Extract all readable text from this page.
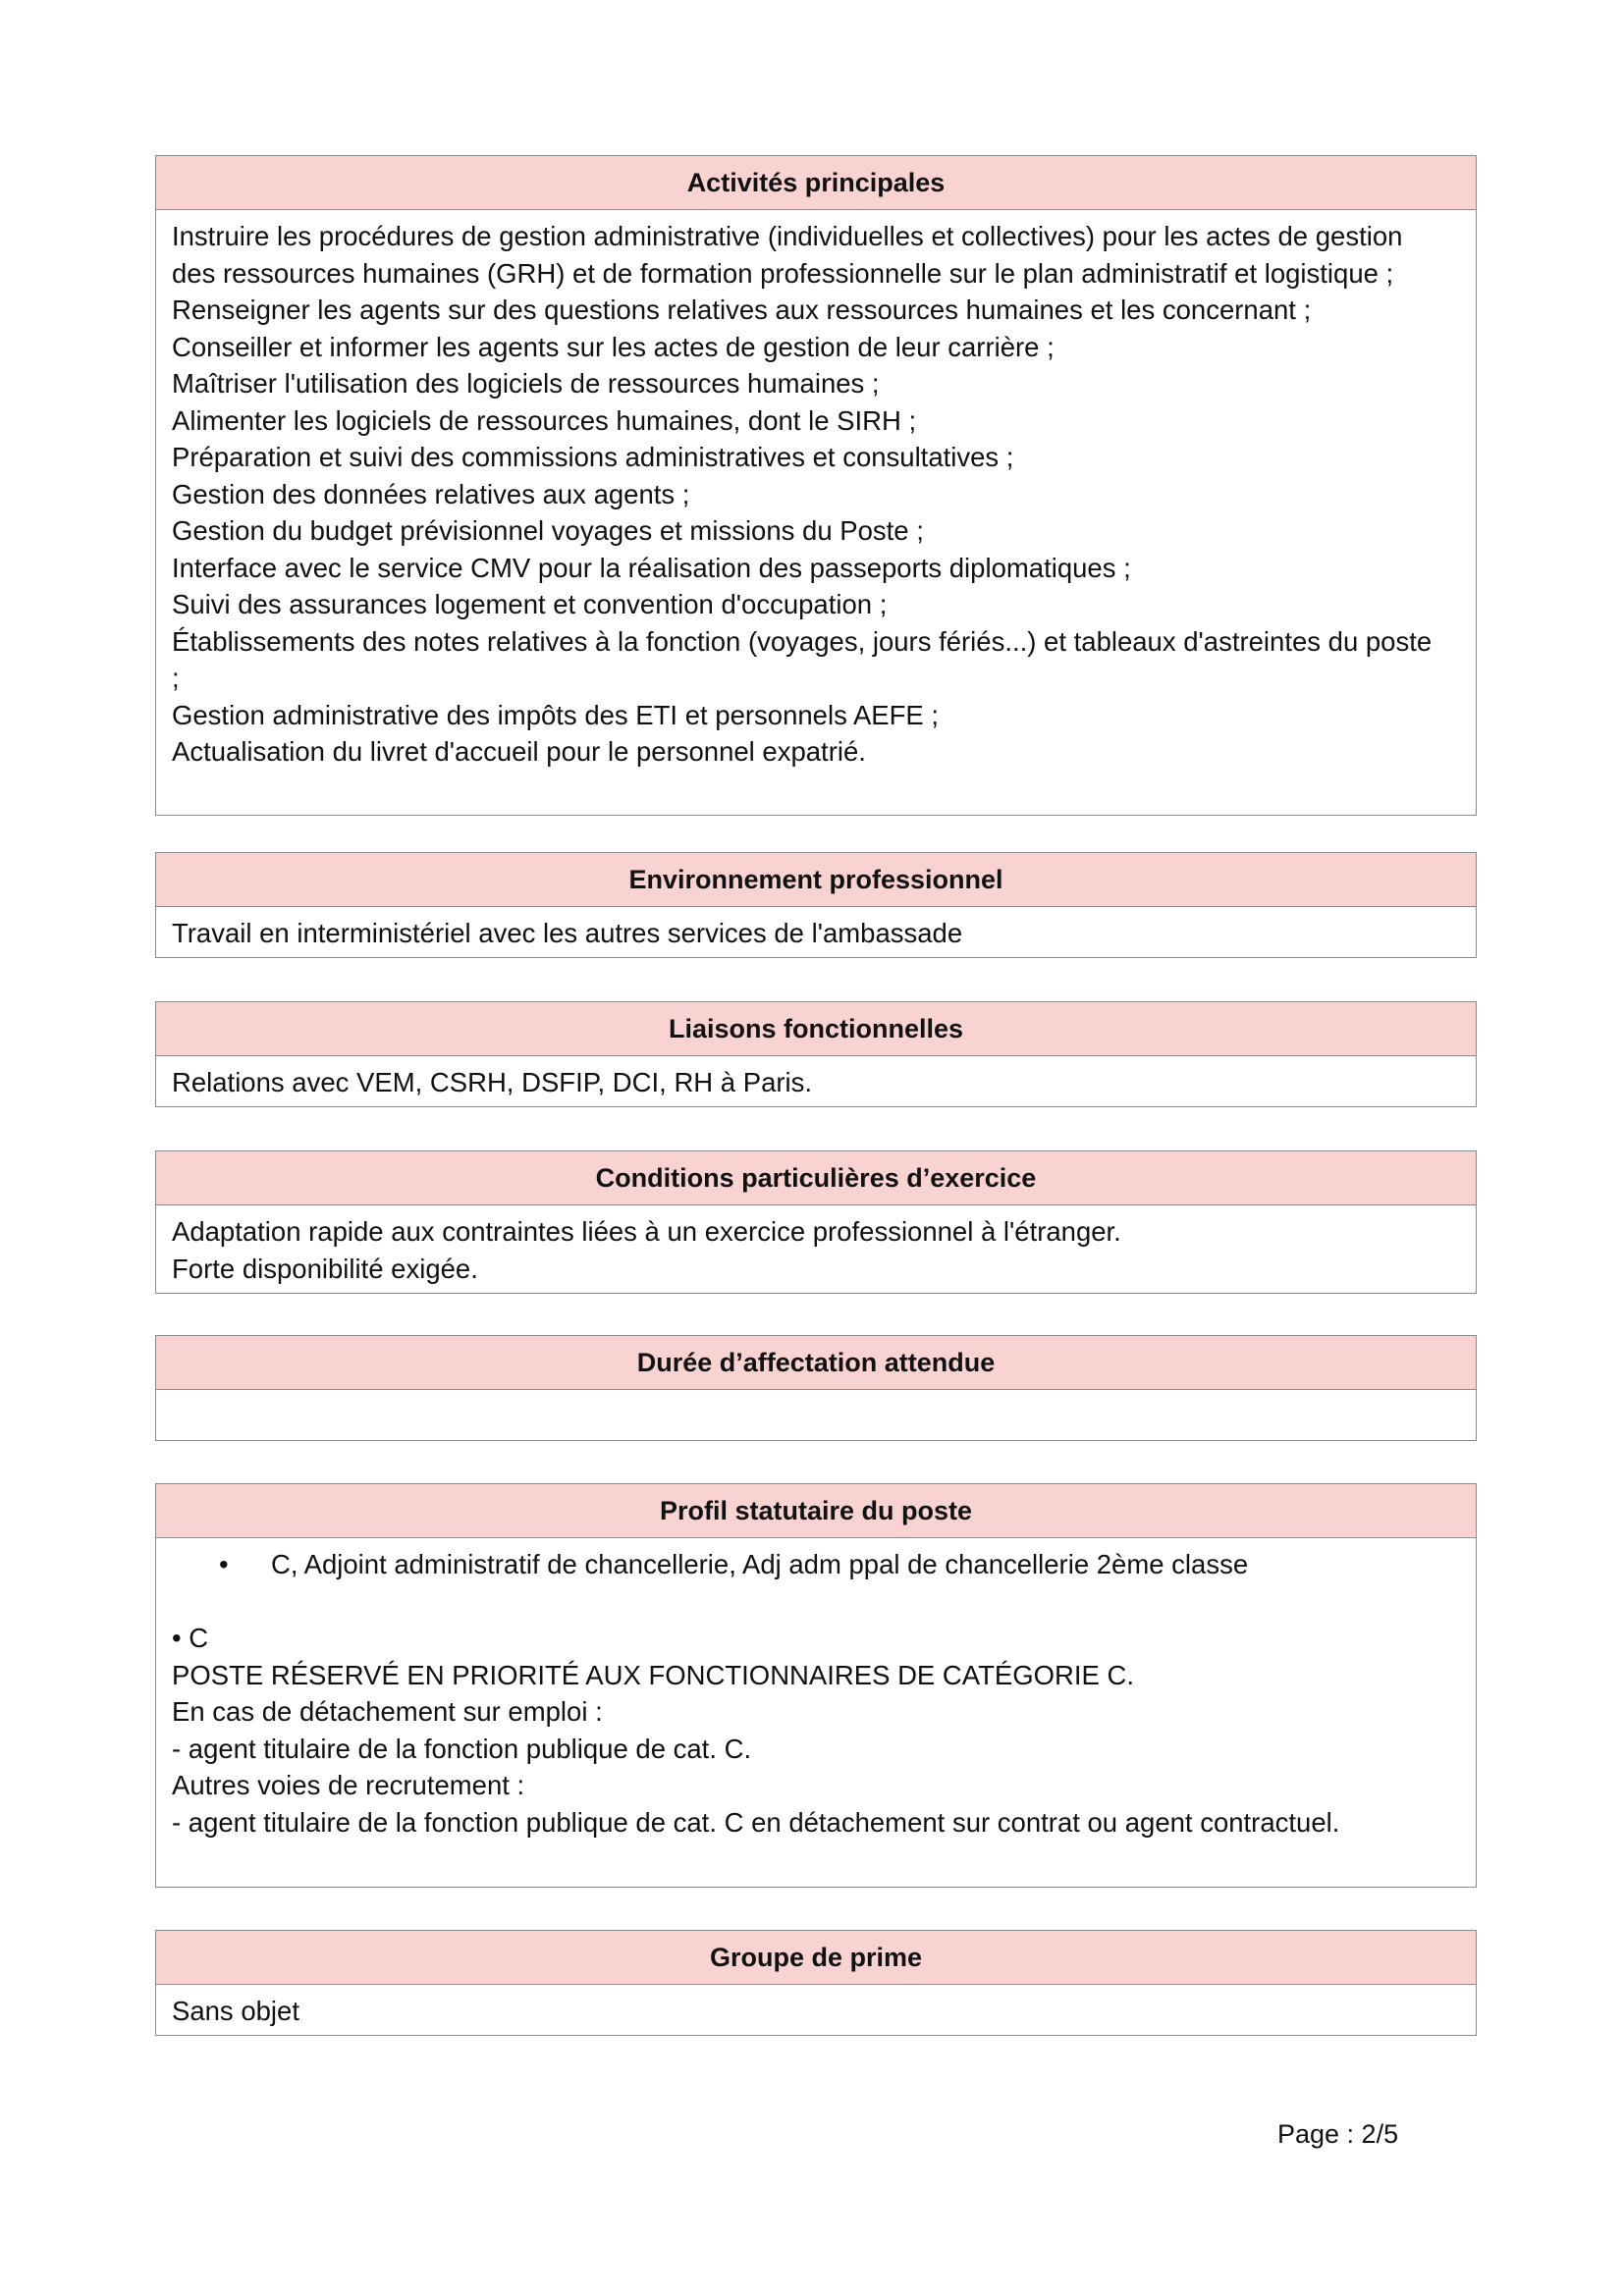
Activités principales
Instruire les procédures de gestion administrative (individuelles et collectives) pour les actes de gestion
des ressources humaines (GRH) et de formation professionnelle sur le plan administratif et logistique ;
Renseigner les agents sur des questions relatives aux ressources humaines et les concernant ;
Conseiller et informer les agents sur les actes de gestion de leur carrière ;
Maîtriser l'utilisation des logiciels de ressources humaines ;
Alimenter les logiciels de ressources humaines, dont le SIRH ;
Préparation et suivi des commissions administratives et consultatives ;
Gestion des données relatives aux agents ;
Gestion du budget prévisionnel voyages et missions du Poste ;
Interface avec le service CMV pour la réalisation des passeports diplomatiques ;
Suivi des assurances logement et convention d'occupation ;
Établissements des notes relatives à la fonction (voyages, jours fériés...) et tableaux d'astreintes du poste
;
Gestion administrative des impôts des ETI et personnels AEFE ;
Actualisation du livret d'accueil pour le personnel expatrié.
Environnement professionnel
Travail en interministériel avec les autres services de l'ambassade
Liaisons fonctionnelles
Relations avec VEM, CSRH, DSFIP, DCI, RH à Paris.
Conditions particulières d’exercice
Adaptation rapide aux contraintes liées à un exercice professionnel à l'étranger.
Forte disponibilité exigée.
Durée d’affectation attendue
Profil statutaire du poste
•	C, Adjoint administratif de chancellerie, Adj adm ppal de chancellerie 2ème classe
• C
POSTE RÉSERVÉ EN PRIORITÉ AUX FONCTIONNAIRES DE CATÉGORIE C.
En cas de détachement sur emploi :
- agent titulaire de la fonction publique de cat. C.
Autres voies de recrutement :
- agent titulaire de la fonction publique de cat. C en détachement sur contrat ou agent contractuel.
Groupe de prime
Sans objet
Page : 2/5
